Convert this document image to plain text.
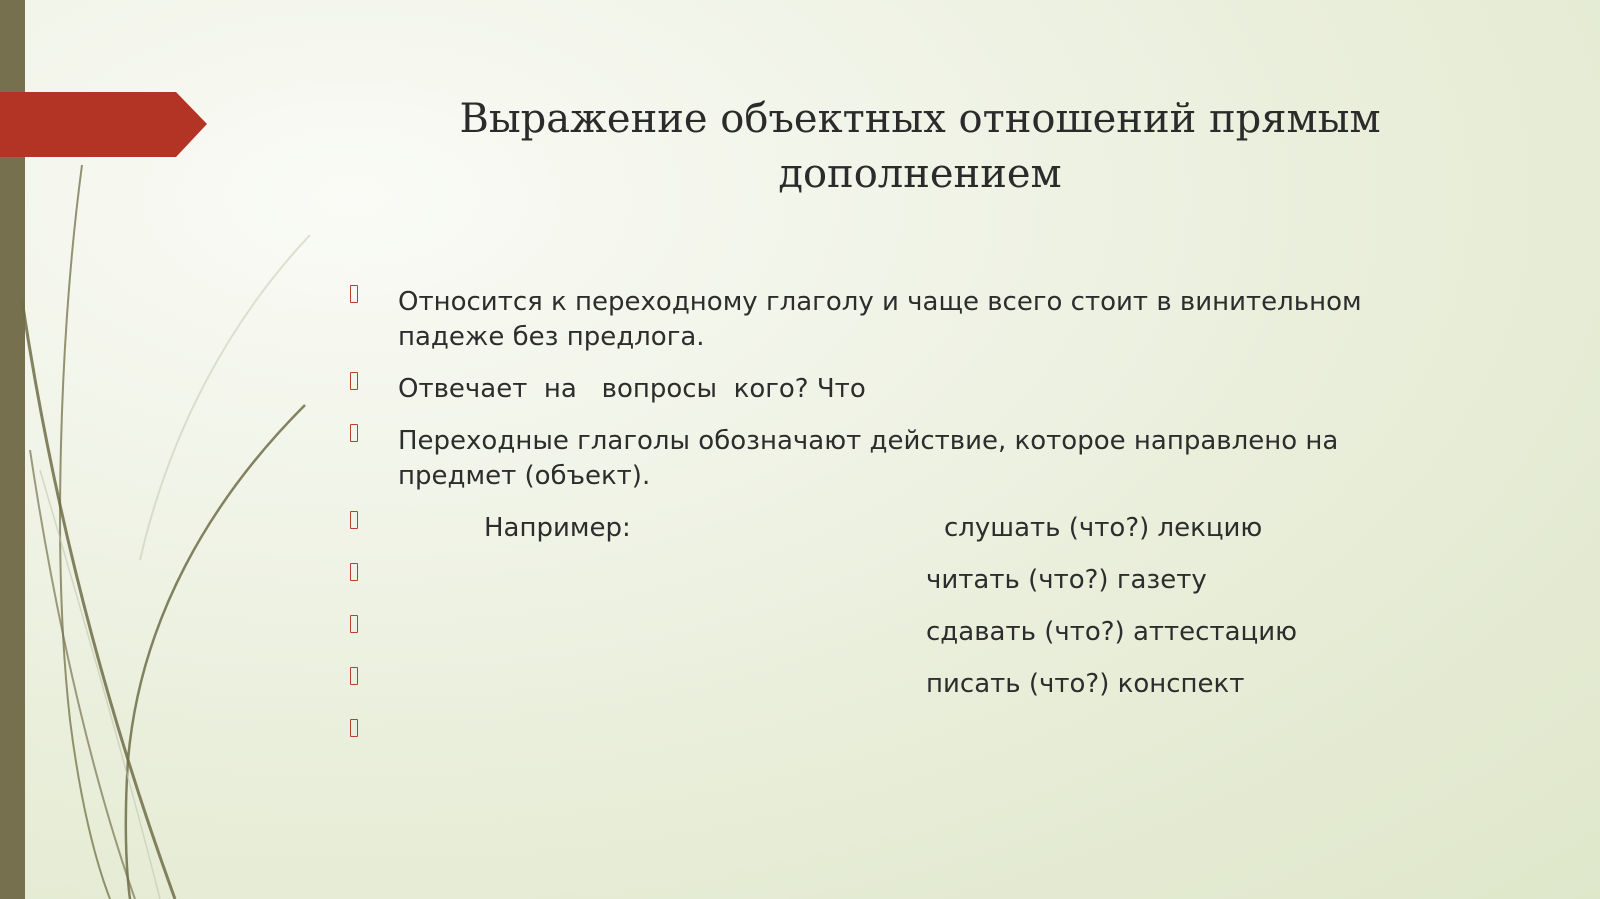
Выражение объектных отношений прямым
дополнением
Относится к переходному глаголу и чаще всего стоит в винительном падеже без предлога.
Отвечает  на   вопросы  кого? Что
Переходные глаголы обозначают действие, которое направлено на предмет (объект).
Например:	слушать (что?) лекцию
читать (что?) газету
сдавать (что?) аттестацию
писать (что?) конспект
